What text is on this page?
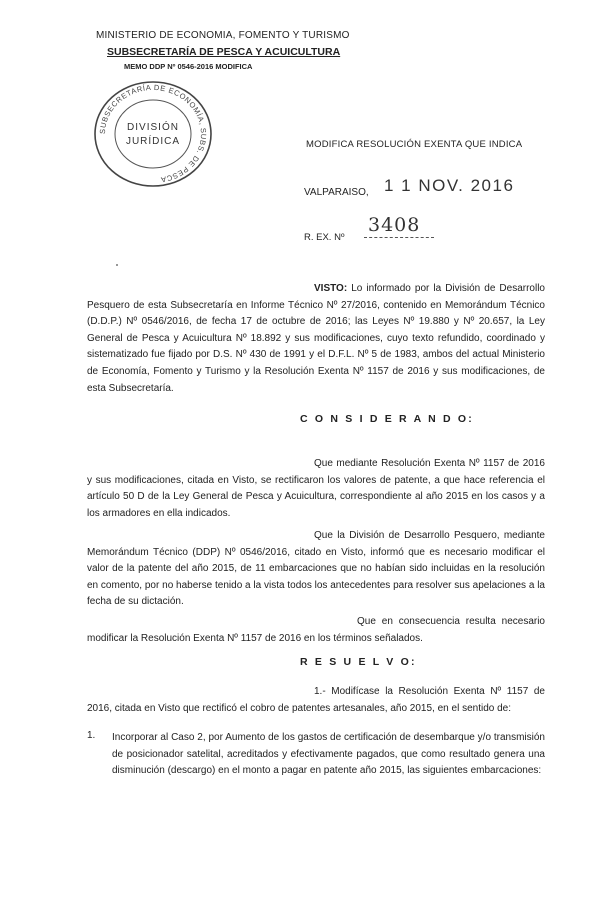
MINISTERIO DE ECONOMIA, FOMENTO Y TURISMO
SUBSECRETARÍA DE PESCA Y ACUICULTURA
MEMO DDP Nº 0546-2016 MODIFICA
SUBSECRETARÍA DE ECONOMÍA, SUBS. DE PESCA
DIVISIÓN
JURÍDICA	MODIFICA RESOLUCIÓN EXENTA QUE INDICA
VALPARAISO, 1 1 NOV. 2016
R. EX. Nº
3408

VISTO: Lo informado por la División de Desarrollo Pesquero de esta Subsecretaría en Informe Técnico Nº 27/2016, contenido en Memorándum Técnico (D.D.P.) Nº 0546/2016, de fecha 17 de octubre de 2016; las Leyes Nº 19.880 y Nº 20.657, la Ley General de Pesca y Acuicultura Nº 18.892 y sus modificaciones, cuyo texto refundido, coordinado y sistematizado fue fijado por D.S. Nº 430 de 1991 y el D.F.L. Nº 5 de 1983, ambos del actual Ministerio de Economía, Fomento y Turismo y la Resolución Exenta Nº 1157 de 2016 y sus modificaciones, de esta Subsecretaría.

C O N S I D E R A N D O:

Que mediante Resolución Exenta Nº 1157 de 2016 y sus modificaciones, citada en Visto, se rectificaron los valores de patente, a que hace referencia el artículo 50 D de la Ley General de Pesca y Acuicultura, correspondiente al año 2015 en los casos y a los armadores en ella indicados.

Que la División de Desarrollo Pesquero, mediante Memorándum Técnico (DDP) Nº 0546/2016, citado en Visto, informó que es necesario modificar el valor de la patente del año 2015, de 11 embarcaciones que no habían sido incluidas en la resolución en comento, por no haberse tenido a la vista todos los antecedentes para resolver sus apelaciones a la fecha de su dictación.

Que en consecuencia resulta necesario modificar la Resolución Exenta Nº 1157 de 2016 en los términos señalados.

R E S U E L V O:

1.- Modifícase la Resolución Exenta Nº 1157 de 2016, citada en Visto que rectificó el cobro de patentes artesanales, año 2015, en el sentido de:

1. Incorporar al Caso 2, por Aumento de los gastos de certificación de desembarque y/o transmisión de posicionador satelital, acreditados y efectivamente pagados, que como resultado genera una disminución (descargo) en el monto a pagar en patente año 2015, las siguientes embarcaciones:
